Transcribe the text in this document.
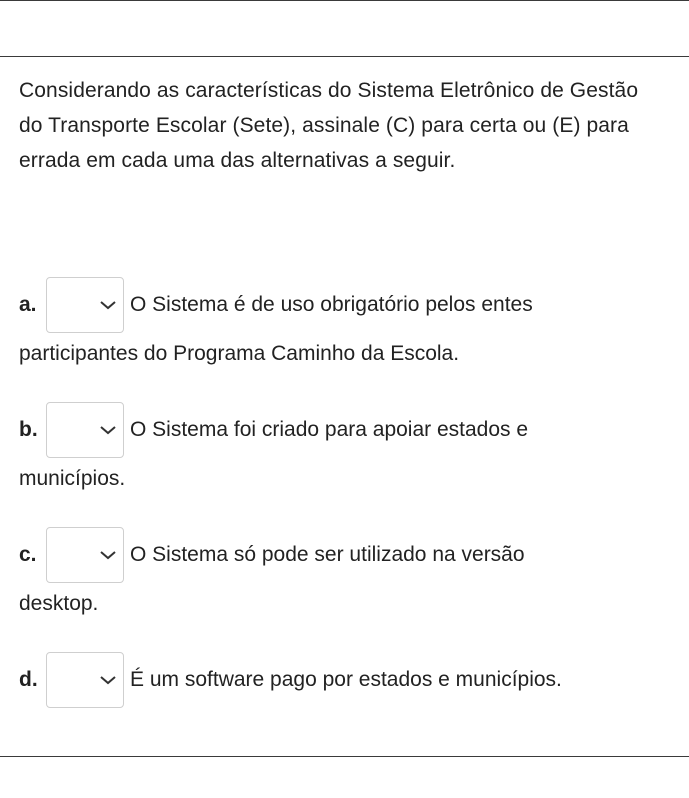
Considerando as características do Sistema Eletrônico de Gestão do Transporte Escolar (Sete), assinale (C) para certa ou (E) para errada em cada uma das alternativas a seguir.
a.	O Sistema é de uso obrigatório pelos entes
participantes do Programa Caminho da Escola.
b.	O Sistema foi criado para apoiar estados e
municípios.
c.	O Sistema só pode ser utilizado na versão
desktop.
d.	É um software pago por estados e municípios.
